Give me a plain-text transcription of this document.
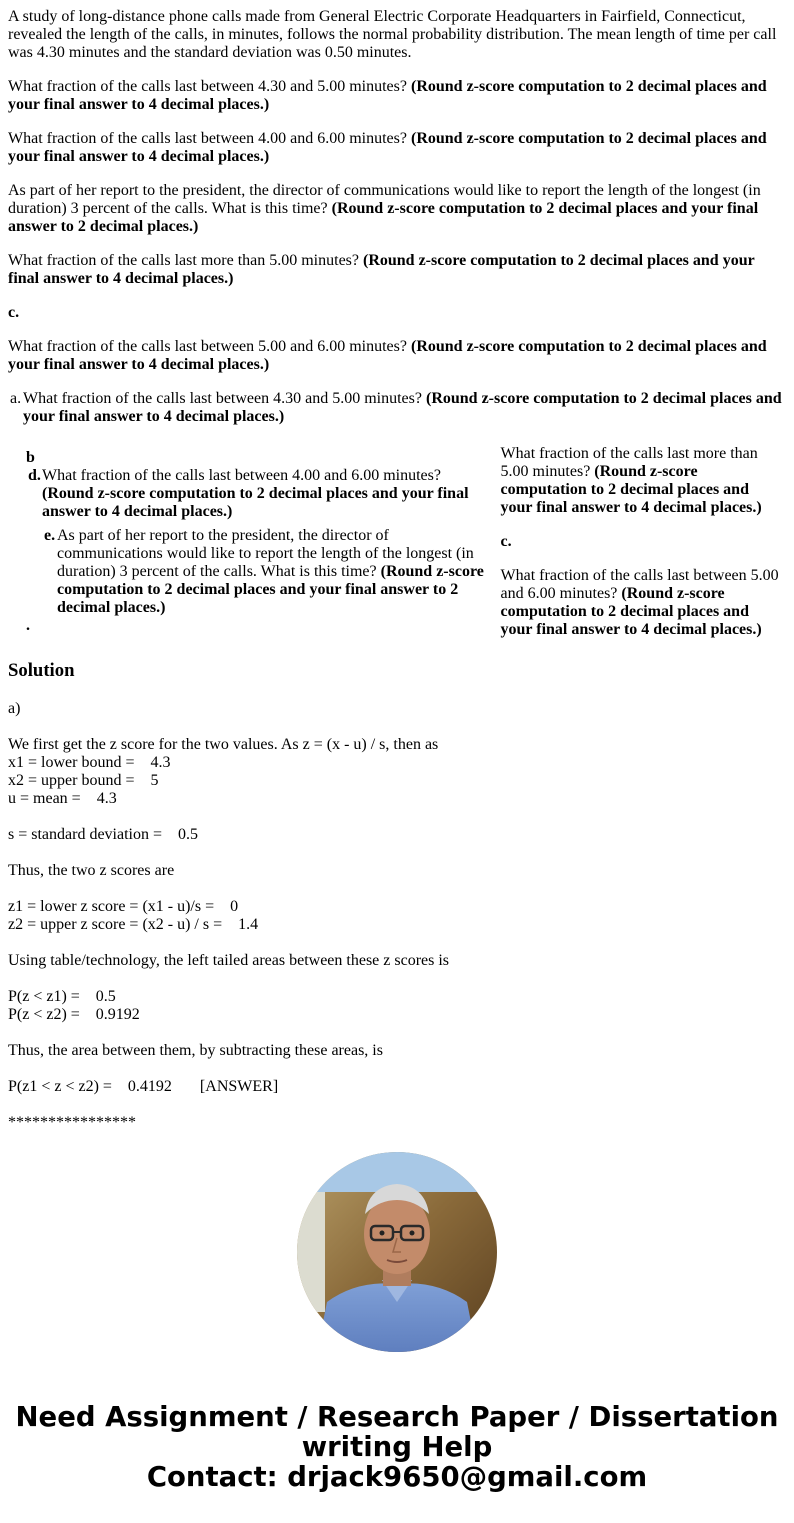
A study of long-distance phone calls made from General Electric Corporate Headquarters in Fairfield, Connecticut, revealed the length of the calls, in minutes, follows the normal probability distribution. The mean length of time per call was 4.30 minutes and the standard deviation was 0.50 minutes.

What fraction of the calls last between 4.30 and 5.00 minutes? (Round z-score computation to 2 decimal places and your final answer to 4 decimal places.)

What fraction of the calls last between 4.00 and 6.00 minutes? (Round z-score computation to 2 decimal places and your final answer to 4 decimal places.)

As part of her report to the president, the director of communications would like to report the length of the longest (in duration) 3 percent of the calls. What is this time? (Round z-score computation to 2 decimal places and your final answer to 2 decimal places.)

What fraction of the calls last more than 5.00 minutes? (Round z-score computation to 2 decimal places and your final answer to 4 decimal places.)

c.

What fraction of the calls last between 5.00 and 6.00 minutes? (Round z-score computation to 2 decimal places and your final answer to 4 decimal places.)

a. What fraction of the calls last between 4.30 and 5.00 minutes? (Round z-score computation to 2 decimal places and your final answer to 4 decimal places.)
b
d. What fraction of the calls last between 4.00 and 6.00 minutes? (Round z-score computation to 2 decimal places and your final answer to 4 decimal places.)
e. As part of her report to the president, the director of communications would like to report the length of the longest (in duration) 3 percent of the calls. What is this time? (Round z-score computation to 2 decimal places and your final answer to 2 decimal places.)
.

What fraction of the calls last more than 5.00 minutes? (Round z-score computation to 2 decimal places and your final answer to 4 decimal places.)

c.

What fraction of the calls last between 5.00 and 6.00 minutes? (Round z-score computation to 2 decimal places and your final answer to 4 decimal places.)

Solution

a)

We first get the z score for the two values. As z = (x - u) / s, then as
x1 = lower bound =    4.3
x2 = upper bound =    5
u = mean =    4.3

s = standard deviation =    0.5

Thus, the two z scores are

z1 = lower z score = (x1 - u)/s =    0
z2 = upper z score = (x2 - u) / s =    1.4

Using table/technology, the left tailed areas between these z scores is

P(z < z1) =    0.5
P(z < z2) =    0.9192

Thus, the area between them, by subtracting these areas, is

P(z1 < z < z2) =    0.4192       [ANSWER]

****************

Need Assignment / Research Paper / Dissertation
writing Help
Contact: drjack9650@gmail.com
